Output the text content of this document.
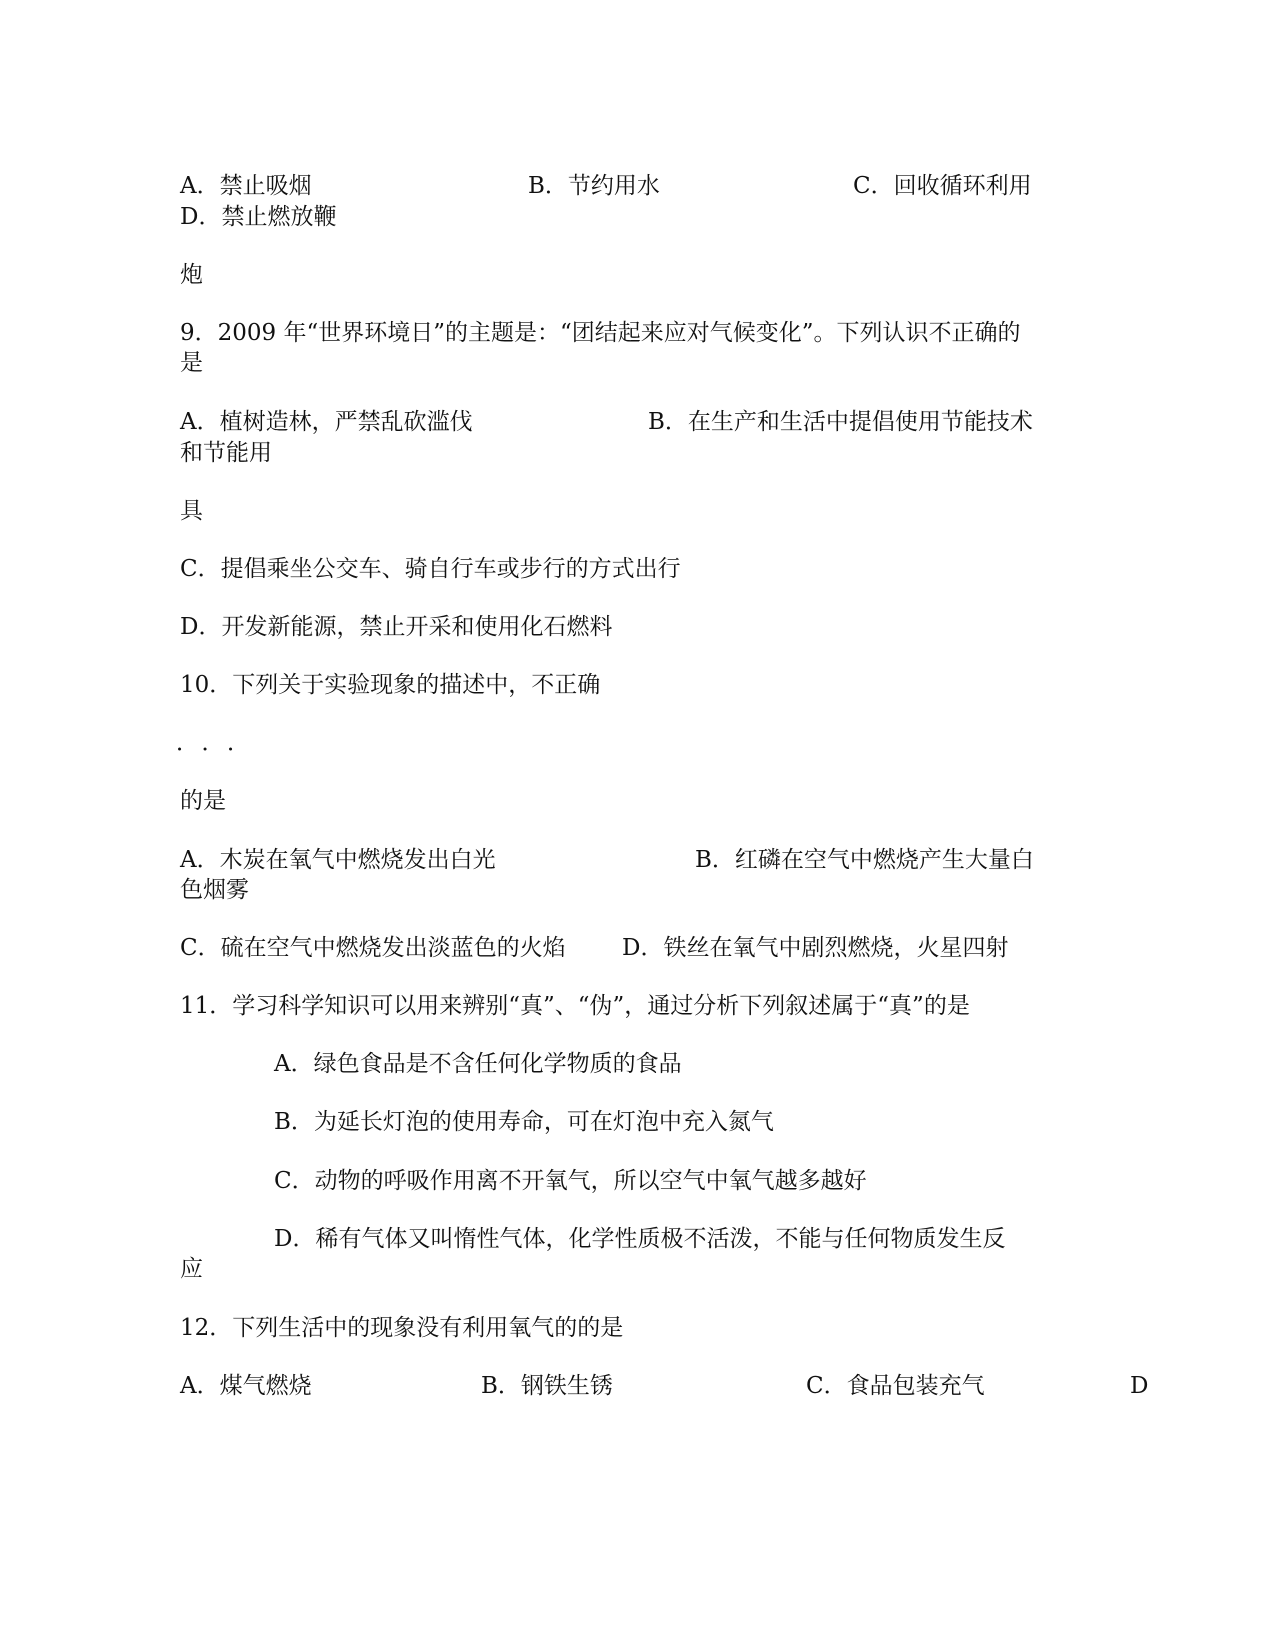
A．禁止吸烟	B．节约用水	C．回收循环利用
D．禁止燃放鞭
炮
9．2009 年“世界环境日”的主题是：“团结起来应对气候变化”。下列认识不正确的
是
A．植树造林，严禁乱砍滥伐	B．在生产和生活中提倡使用节能技术
和节能用
具
C．提倡乘坐公交车、骑自行车或步行的方式出行
D．开发新能源，禁止开采和使用化石燃料
10．下列关于实验现象的描述中，不正确
．．．
的是
A．木炭在氧气中燃烧发出白光	B．红磷在空气中燃烧产生大量白
色烟雾
C．硫在空气中燃烧发出淡蓝色的火焰 D．铁丝在氧气中剧烈燃烧，火星四射
11．学习科学知识可以用来辨别“真”、“伪”，通过分析下列叙述属于“真”的是
A．绿色食品是不含任何化学物质的食品
B．为延长灯泡的使用寿命，可在灯泡中充入氮气
C．动物的呼吸作用离不开氧气，所以空气中氧气越多越好
D．稀有气体又叫惰性气体，化学性质极不活泼，不能与任何物质发生反
应
12．下列生活中的现象没有利用氧气的的是
A．煤气燃烧	B．钢铁生锈	C．食品包装充气	D
